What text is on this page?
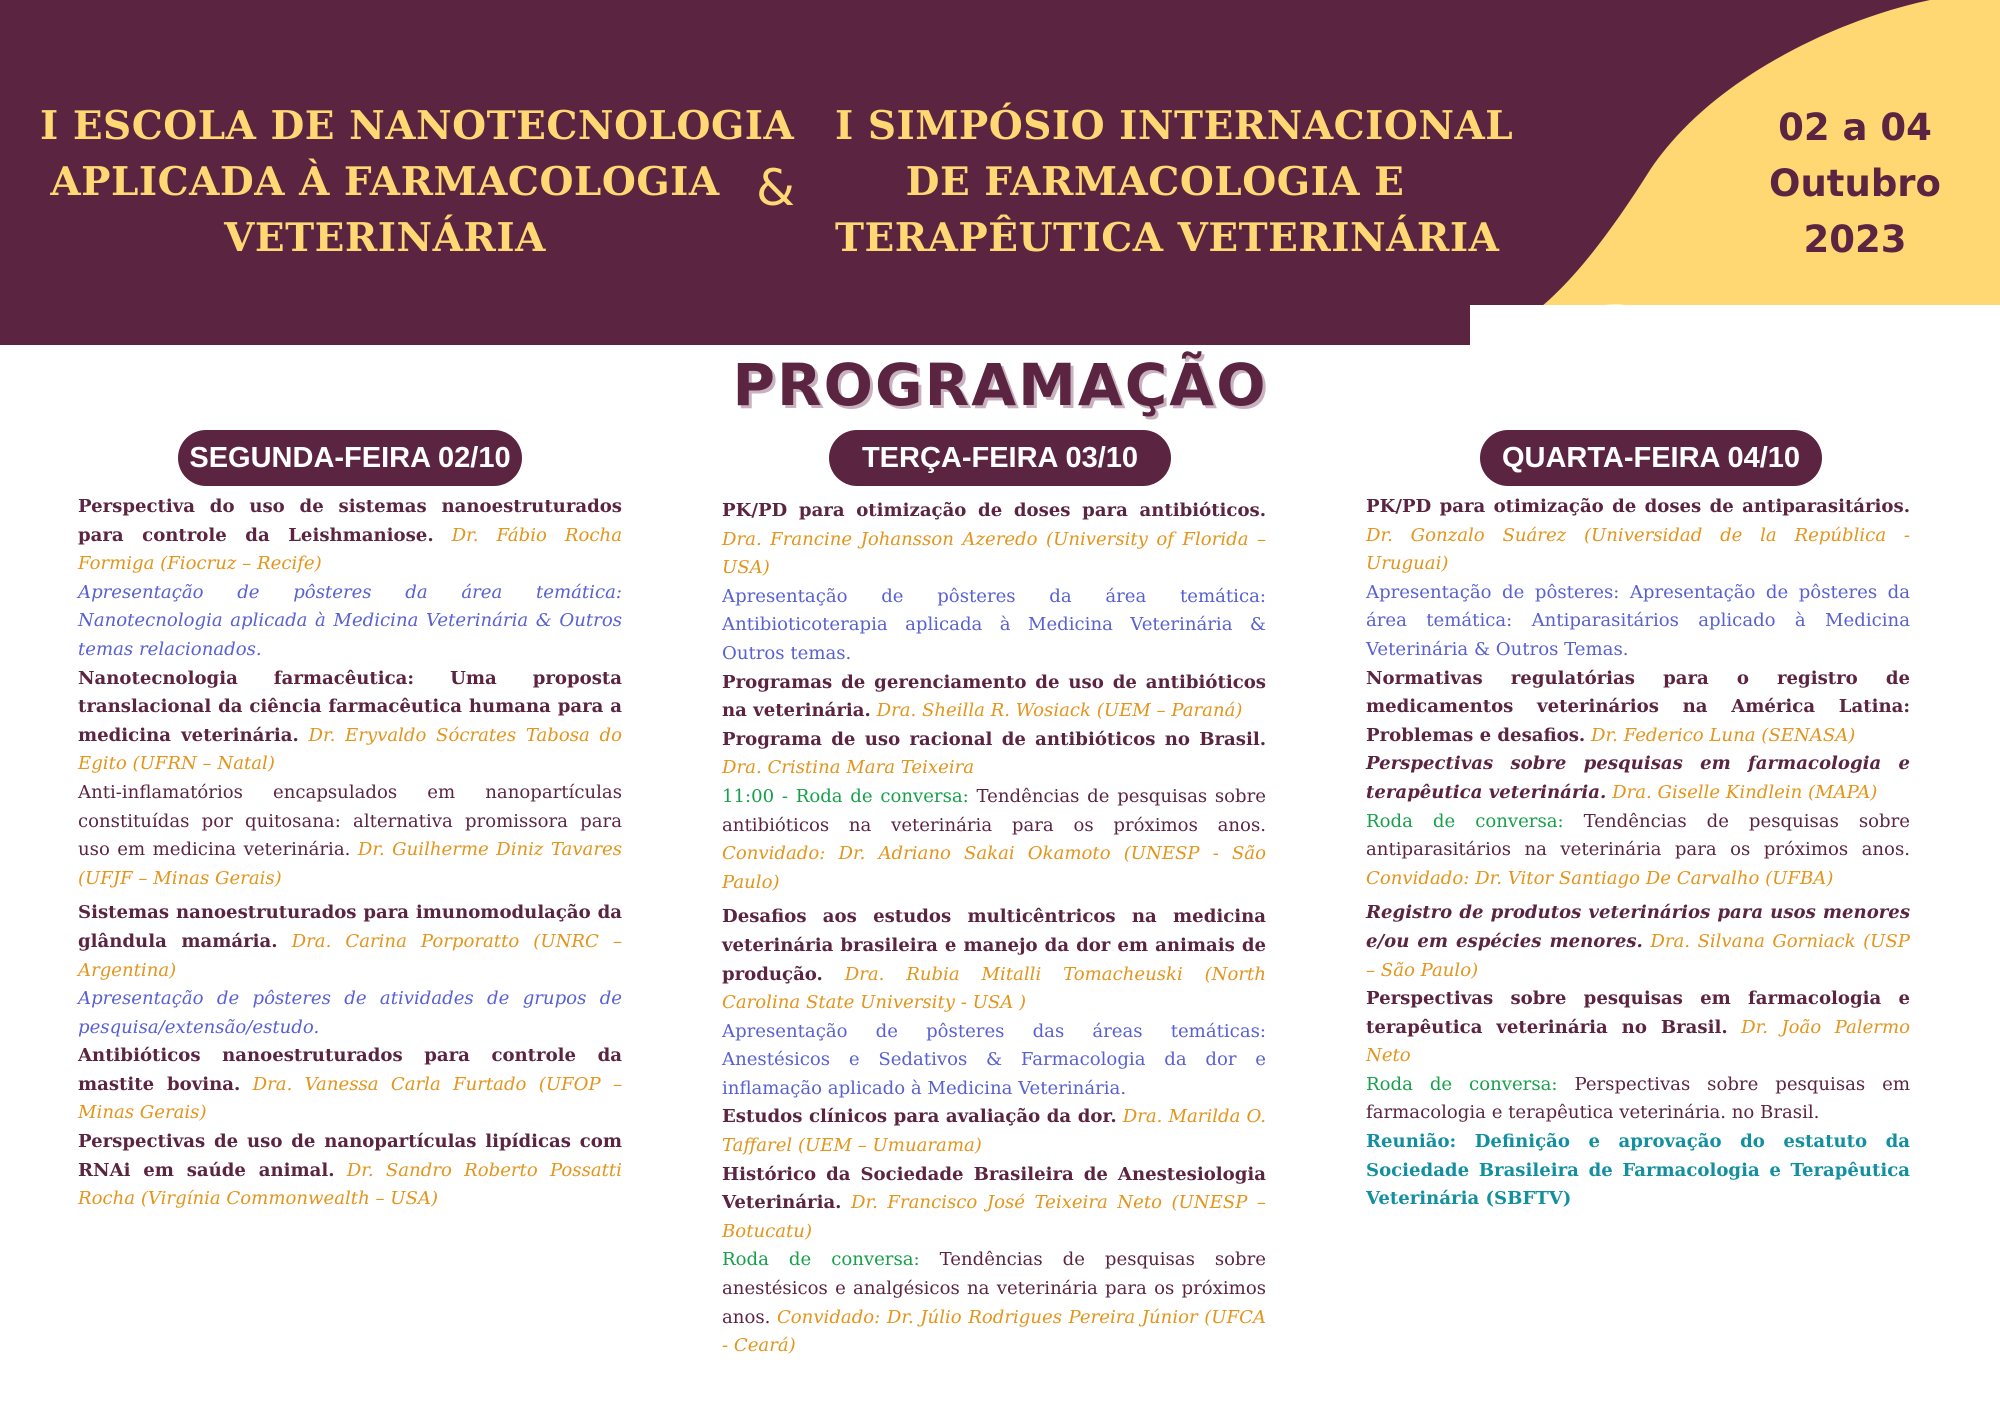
I ESCOLA DE NANOTECNOLOGIA
APLICADA À FARMACOLOGIA
VETERINÁRIA
&
I SIMPÓSIO INTERNACIONAL
DE FARMACOLOGIA E
TERAPÊUTICA VETERINÁRIA
02 a 04
Outubro
2023
PROGRAMAÇÃO
SEGUNDA-FEIRA 02/10	TERÇA-FEIRA 03/10	QUARTA-FEIRA 04/10

Perspectiva do uso de sistemas nanoestruturados para controle da Leishmaniose. Dr. Fábio Rocha Formiga (Fiocruz – Recife)

Apresentação de pôsteres da área temática: Nanotecnologia aplicada à Medicina Veterinária & Outros temas relacionados.

Nanotecnologia farmacêutica: Uma proposta translacional da ciência farmacêutica humana para a medicina veterinária. Dr. Eryvaldo Sócrates Tabosa do Egito (UFRN – Natal)

Anti-inflamatórios encapsulados em nanopartículas constituídas por quitosana: alternativa promissora para uso em medicina veterinária. Dr. Guilherme Diniz Tavares (UFJF – Minas Gerais)

Sistemas nanoestruturados para imunomodulação da glândula mamária. Dra. Carina Porporatto (UNRC – Argentina)

Apresentação de pôsteres de atividades de grupos de pesquisa/extensão/estudo.

Antibióticos nanoestruturados para controle da mastite bovina. Dra. Vanessa Carla Furtado (UFOP – Minas Gerais)

Perspectivas de uso de nanopartículas lipídicas com RNAi em saúde animal. Dr. Sandro Roberto Possatti Rocha (Virgínia Commonwealth – USA)

PK/PD para otimização de doses para antibióticos. Dra. Francine Johansson Azeredo (University of Florida – USA)

Apresentação de pôsteres da área temática: Antibioticoterapia aplicada à Medicina Veterinária & Outros temas.

Programas de gerenciamento de uso de antibióticos na veterinária. Dra. Sheilla R. Wosiack (UEM – Paraná)

Programa de uso racional de antibióticos no Brasil. Dra. Cristina Mara Teixeira

11:00 - Roda de conversa: Tendências de pesquisas sobre antibióticos na veterinária para os próximos anos. Convidado: Dr. Adriano Sakai Okamoto (UNESP - São Paulo)

Desafios aos estudos multicêntricos na medicina veterinária brasileira e manejo da dor em animais de produção. Dra. Rubia Mitalli Tomacheuski (North Carolina State University - USA )

Apresentação de pôsteres das áreas temáticas: Anestésicos e Sedativos & Farmacologia da dor e inflamação aplicado à Medicina Veterinária.

Estudos clínicos para avaliação da dor. Dra. Marilda O. Taffarel (UEM – Umuarama)

Histórico da Sociedade Brasileira de Anestesiologia Veterinária. Dr. Francisco José Teixeira Neto (UNESP – Botucatu)

Roda de conversa: Tendências de pesquisas sobre anestésicos e analgésicos na veterinária para os próximos anos. Convidado: Dr. Júlio Rodrigues Pereira Júnior (UFCA - Ceará)

PK/PD para otimização de doses de antiparasitários. Dr. Gonzalo Suárez (Universidad de la República - Uruguai)

Apresentação de pôsteres: Apresentação de pôsteres da área temática: Antiparasitários aplicado à Medicina Veterinária & Outros Temas.

Normativas regulatórias para o registro de medicamentos veterinários na América Latina: Problemas e desafios. Dr. Federico Luna (SENASA)

Perspectivas sobre pesquisas em farmacologia e terapêutica veterinária. Dra. Giselle Kindlein (MAPA)

Roda de conversa: Tendências de pesquisas sobre antiparasitários na veterinária para os próximos anos. Convidado: Dr. Vitor Santiago De Carvalho (UFBA)

Registro de produtos veterinários para usos menores e/ou em espécies menores. Dra. Silvana Gorniack (USP – São Paulo)

Perspectivas sobre pesquisas em farmacologia e terapêutica veterinária no Brasil. Dr. João Palermo Neto

Roda de conversa: Perspectivas sobre pesquisas em farmacologia e terapêutica veterinária. no Brasil.

Reunião: Definição e aprovação do estatuto da Sociedade Brasileira de Farmacologia e Terapêutica Veterinária (SBFTV)
